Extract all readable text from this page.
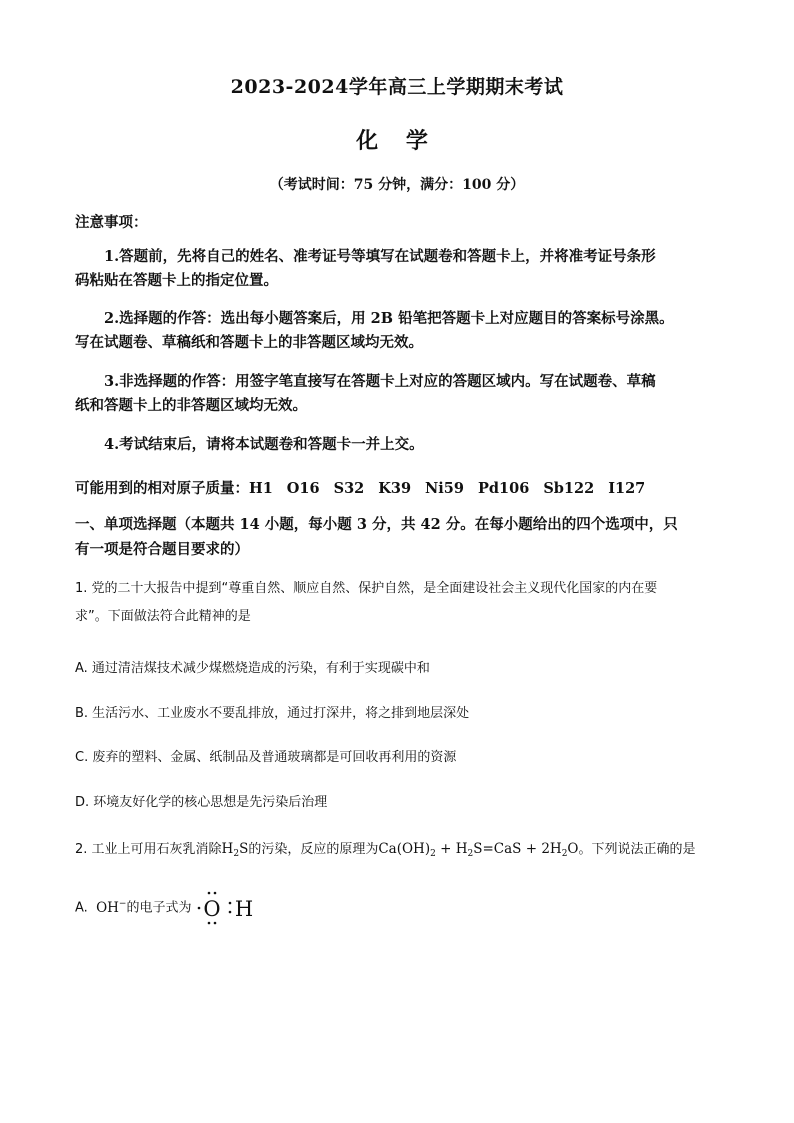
2023-2024学年高三上学期期末考试
化 学
（考试时间：75 分钟，满分：100 分）
注意事项：
1.答题前，先将自己的姓名、准考证号等填写在试题卷和答题卡上，并将准考证号条形
码粘贴在答题卡上的指定位置。
2.选择题的作答：选出每小题答案后，用 2B 铅笔把答题卡上对应题目的答案标号涂黑。
写在试题卷、草稿纸和答题卡上的非答题区域均无效。
3.非选择题的作答：用签字笔直接写在答题卡上对应的答题区域内。写在试题卷、草稿
纸和答题卡上的非答题区域均无效。
4.考试结束后，请将本试题卷和答题卡一并上交。
可能用到的相对原子质量：H1 O16 S32 K39 Ni59 Pd106 Sb122 I127
一、单项选择题（本题共 14 小题，每小题 3 分，共 42 分。在每小题给出的四个选项中，只
有一项是符合题目要求的）
1. 党的二十大报告中提到“尊重自然、顺应自然、保护自然，是全面建设社会主义现代化国家的内在要
求”。下面做法符合此精神的是
A. 通过清洁煤技术减少煤燃烧造成的污染，有利于实现碳中和
B. 生活污水、工业废水不要乱排放，通过打深井，将之排到地层深处
C. 废弃的塑料、金属、纸制品及普通玻璃都是可回收再利用的资源
D. 环境友好化学的核心思想是先污染后治理
2. 工业上可用石灰乳消除$H_2S$的污染，反应的原理为$Ca(OH)_2 + H_2S=CaS + 2H_2O$。下列说法正确的是
A. OH−的电子式为 O H
